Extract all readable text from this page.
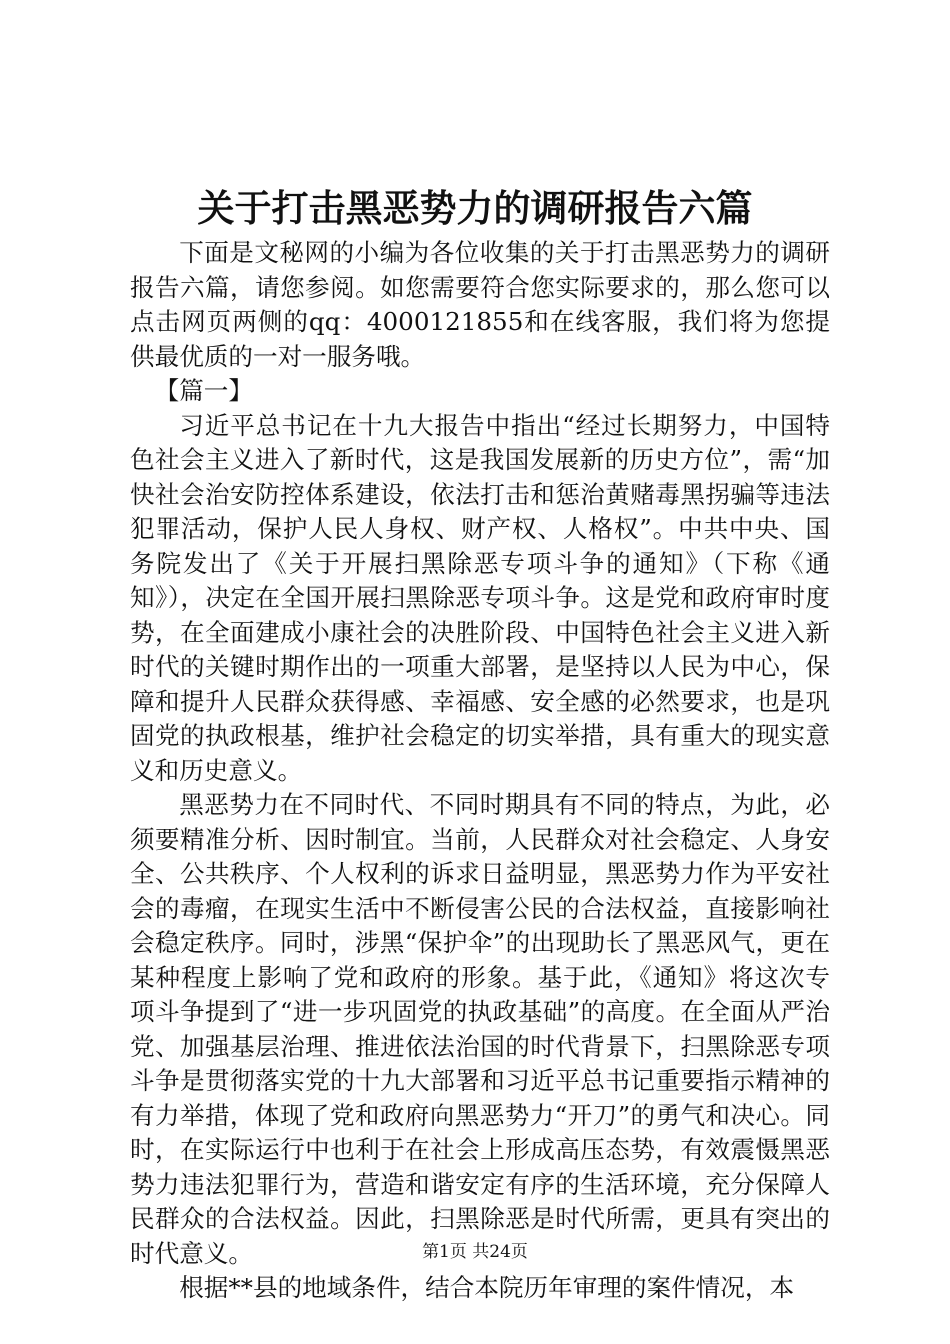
关于打击黑恶势力的调研报告六篇

下面是文秘网的小编为各位收集的关于打击黑恶势力的调研报告六篇，请您参阅。如您需要符合您实际要求的，那么您可以点击网页两侧的qq：4000121855和在线客服，我们将为您提供最优质的一对一服务哦。

【篇一】

习近平总书记在十九大报告中指出“经过长期努力，中国特色社会主义进入了新时代，这是我国发展新的历史方位”，需“加快社会治安防控体系建设，依法打击和惩治黄赌毒黑拐骗等违法犯罪活动，保护人民人身权、财产权、人格权”。中共中央、国务院发出了《关于开展扫黑除恶专项斗争的通知》（下称《通知》），决定在全国开展扫黑除恶专项斗争。这是党和政府审时度势，在全面建成小康社会的决胜阶段、中国特色社会主义进入新时代的关键时期作出的一项重大部署，是坚持以人民为中心，保障和提升人民群众获得感、幸福感、安全感的必然要求，也是巩固党的执政根基，维护社会稳定的切实举措，具有重大的现实意义和历史意义。

黑恶势力在不同时代、不同时期具有不同的特点，为此，必须要精准分析、因时制宜。当前，人民群众对社会稳定、人身安全、公共秩序、个人权利的诉求日益明显，黑恶势力作为平安社会的毒瘤，在现实生活中不断侵害公民的合法权益，直接影响社会稳定秩序。同时，涉黑“保护伞”的出现助长了黑恶风气，更在某种程度上影响了党和政府的形象。基于此，《通知》将这次专项斗争提到了“进一步巩固党的执政基础”的高度。在全面从严治党、加强基层治理、推进依法治国的时代背景下，扫黑除恶专项斗争是贯彻落实党的十九大部署和习近平总书记重要指示精神的有力举措，体现了党和政府向黑恶势力“开刀”的勇气和决心。同时，在实际运行中也利于在社会上形成高压态势，有效震慑黑恶势力违法犯罪行为，营造和谐安定有序的生活环境，充分保障人民群众的合法权益。因此，扫黑除恶是时代所需，更具有突出的时代意义。

根据**县的地域条件，结合本院历年审理的案件情况，本

第1页 共24页
